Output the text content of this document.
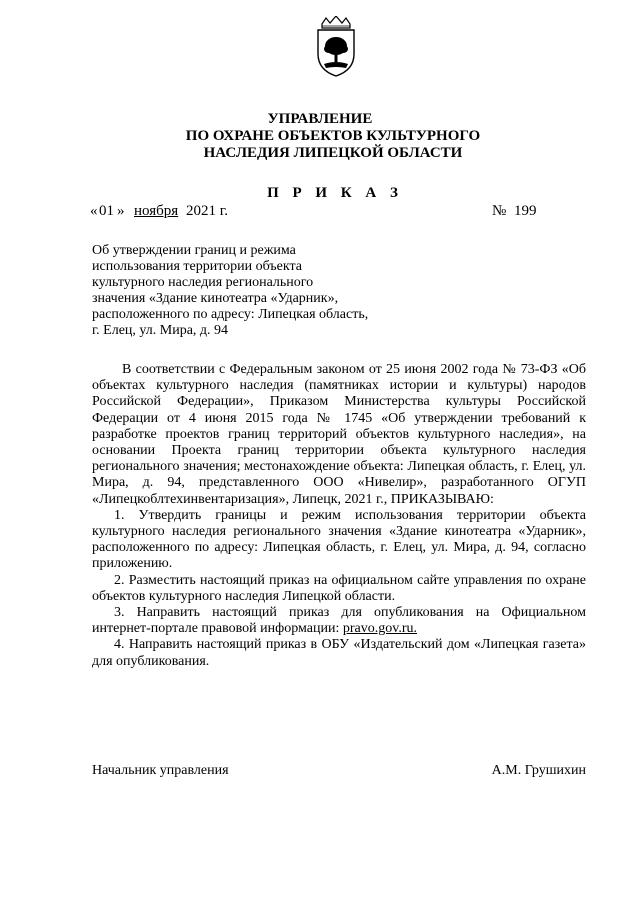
УПРАВЛЕНИЕ
ПО ОХРАНЕ ОБЪЕКТОВ КУЛЬТУРНОГО
НАСЛЕДИЯ ЛИПЕЦКОЙ ОБЛАСТИ
П Р И К А З
« 01 » ноября 2021 г.	№ 199
Об утверждении границ и режима
использования территории объекта
культурного наследия регионального
значения «Здание кинотеатра «Ударник»,
расположенного по адресу: Липецкая область,
г. Елец, ул. Мира, д. 94

В соответствии с Федеральным законом от 25 июня 2002 года № 73-ФЗ «Об объектах культурного наследия (памятниках истории и культуры) народов Российской Федерации», Приказом Министерства культуры Российской Федерации от 4 июня 2015 года № 1745 «Об утверждении требований к разработке проектов границ территорий объектов культурного наследия», на основании Проекта границ территории объекта культурного наследия регионального значения; местонахождение объекта: Липецкая область, г. Елец, ул. Мира, д. 94, представленного ООО «Нивелир», разработанного ОГУП «Липецкоблтехинвентаризация», Липецк, 2021 г., ПРИКАЗЫВАЮ:

1. Утвердить границы и режим использования территории объекта культурного наследия регионального значения «Здание кинотеатра «Ударник», расположенного по адресу: Липецкая область, г. Елец, ул. Мира, д. 94, согласно приложению.

2. Разместить настоящий приказ на официальном сайте управления по охране объектов культурного наследия Липецкой области.

3. Направить настоящий приказ для опубликования на Официальном интернет-портале правовой информации: pravo.gov.ru.

4. Направить настоящий приказ в ОБУ «Издательский дом «Липецкая газета» для опубликования.

Начальник управления	А.М. Грушихин
